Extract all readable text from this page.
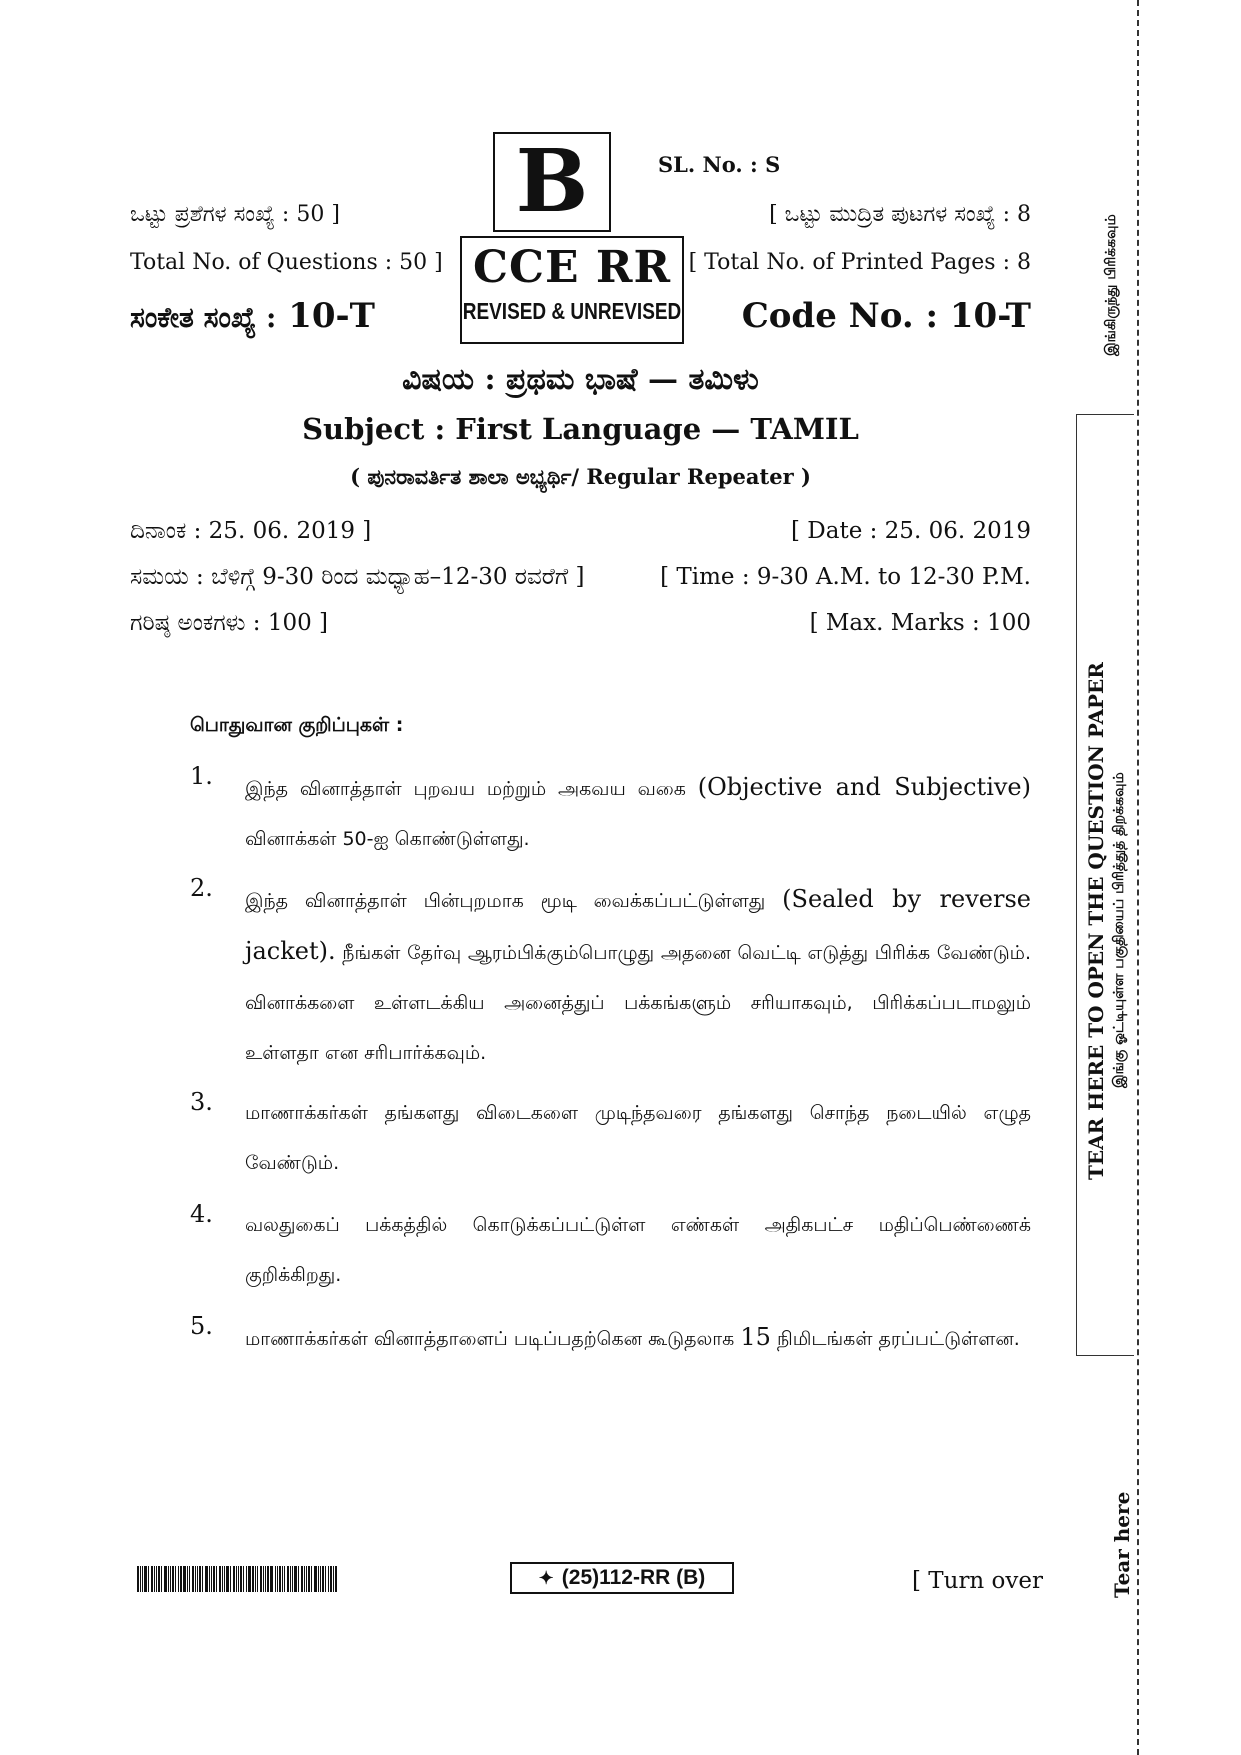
B	SL. No. : S
CCE RR
REVISED & UNREVISED
ಒಟ್ಟು ಪ್ರಶೆಗಳ ಸಂಖ್ಯೆ : 50 ]
Total No. of Questions : 50 ]
[ ಒಟ್ಟು ಮುದ್ರಿತ ಪುಟಗಳ ಸಂಖ್ಯೆ : 8
[ Total No. of Printed Pages : 8
ಸಂಕೇತ ಸಂಖ್ಯೆ : 10-T	Code No. : 10-T
ವಿಷಯ : ಪ್ರಥಮ ಭಾಷೆ — ತಮಿಳು
Subject : First Language — TAMIL
( ಪುನರಾವರ್ತಿತ ಶಾಲಾ ಅಭ್ಯರ್ಥಿ/ Regular Repeater )
ದಿನಾಂಕ : 25. 06. 2019 ]	[ Date : 25. 06. 2019
ಸಮಯ : ಬೆಳಿಗ್ಗೆ 9-30 ರಿಂದ ಮಧ್ಯಾಹ–12-30 ರವರೆಗೆ ]	[ Time : 9-30 A.M. to 12-30 P.M.
ಗರಿಷ್ಠ ಅಂಕಗಳು : 100 ]	[ Max. Marks : 100
பொதுவான குறிப்புகள் :
1. இந்த வினாத்தாள் புறவய மற்றும் அகவய வகை (Objective and Subjective) வினாக்கள் 50-ஐ கொண்டுள்ளது.
2. இந்த வினாத்தாள் பின்புறமாக மூடி வைக்கப்பட்டுள்ளது (Sealed by reverse jacket). நீங்கள் தேர்வு ஆரம்பிக்கும்பொழுது அதனை வெட்டி எடுத்து பிரிக்க வேண்டும். வினாக்களை உள்ளடக்கிய அனைத்துப் பக்கங்களும் சரியாகவும், பிரிக்கப்படாமலும் உள்ளதா என சரிபார்க்கவும்.
3. மாணாக்கர்கள் தங்களது விடைகளை முடிந்தவரை தங்களது சொந்த நடையில் எழுத வேண்டும்.
4. வலதுகைப் பக்கத்தில் கொடுக்கப்பட்டுள்ள எண்கள் அதிகபட்ச மதிப்பெண்ணைக் குறிக்கிறது.
5. மாணாக்கர்கள் வினாத்தாளைப் படிப்பதற்கென கூடுதலாக 15 நிமிடங்கள் தரப்பட்டுள்ளன.
✦ (25)112-RR (B)	[ Turn over
இங்கிருந்து பிரிக்கவும்
TEAR HERE TO OPEN THE QUESTION PAPER இங்கு ஓட்டியுள்ள பகுதியைப் பிரித்துத் திறக்கவும்
Tear here
